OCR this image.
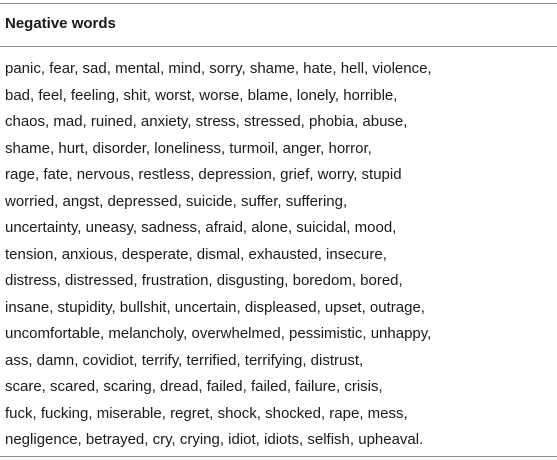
Negative words
panic, fear, sad, mental, mind, sorry, shame, hate, hell, violence,
bad, feel, feeling, shit, worst, worse, blame, lonely, horrible,
chaos, mad, ruined, anxiety, stress, stressed, phobia, abuse,
shame, hurt, disorder, loneliness, turmoil, anger, horror,
rage, fate, nervous, restless, depression, grief, worry, stupid
worried, angst, depressed, suicide, suffer, suffering,
uncertainty, uneasy, sadness, afraid, alone, suicidal, mood,
tension, anxious, desperate, dismal, exhausted, insecure,
distress, distressed, frustration, disgusting, boredom, bored,
insane, stupidity, bullshit, uncertain, displeased, upset, outrage,
uncomfortable, melancholy, overwhelmed, pessimistic, unhappy,
ass, damn, covidiot, terrify, terrified, terrifying, distrust,
scare, scared, scaring, dread, failed, failed, failure, crisis,
fuck, fucking, miserable, regret, shock, shocked, rape, mess,
negligence, betrayed, cry, crying, idiot, idiots, selfish, upheaval.
